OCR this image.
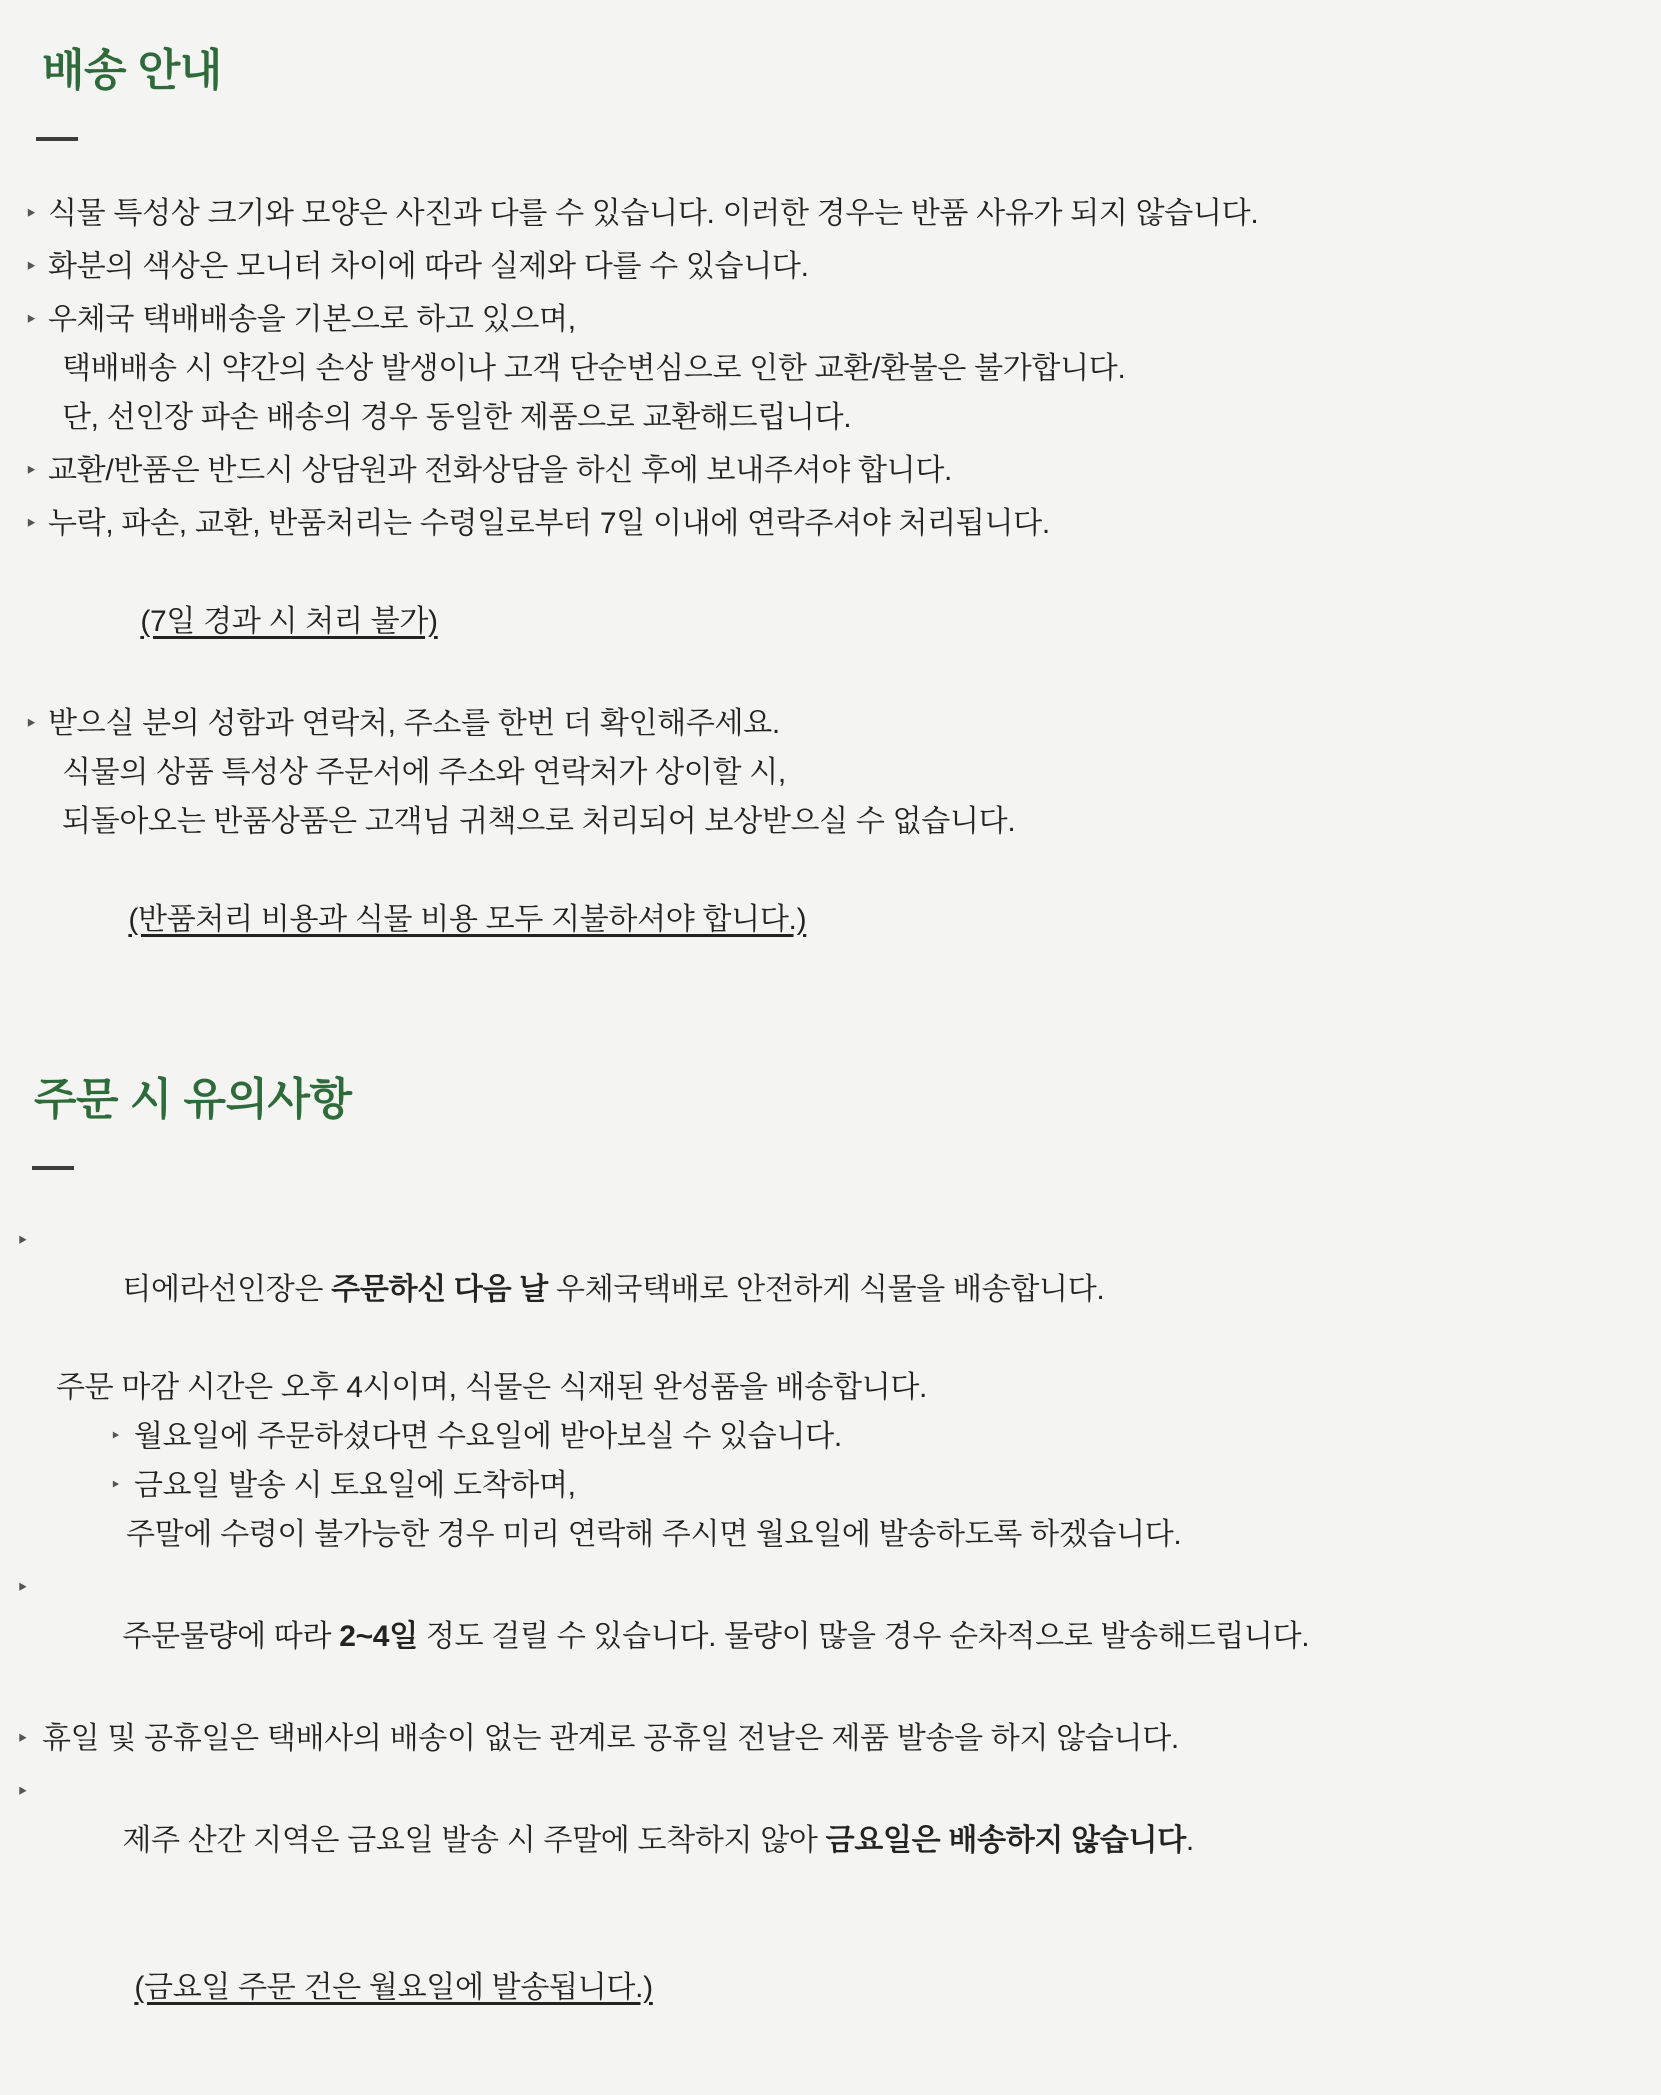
배송 안내
‣ 식물 특성상 크기와 모양은 사진과 다를 수 있습니다. 이러한 경우는 반품 사유가 되지 않습니다.
‣ 화분의 색상은 모니터 차이에 따라 실제와 다를 수 있습니다.
‣ 우체국 택배배송을 기본으로 하고 있으며,
택배배송 시 약간의 손상 발생이나 고객 단순변심으로 인한 교환/환불은 불가합니다.
단, 선인장 파손 배송의 경우 동일한 제품으로 교환해드립니다.
‣ 교환/반품은 반드시 상담원과 전화상담을 하신 후에 보내주셔야 합니다.
‣ 누락, 파손, 교환, 반품처리는 수령일로부터 7일 이내에 연락주셔야 처리됩니다.

(7일 경과 시 처리 불가)

‣ 받으실 분의 성함과 연락처, 주소를 한번 더 확인해주세요.
식물의 상품 특성상 주문서에 주소와 연락처가 상이할 시,
되돌아오는 반품상품은 고객님 귀책으로 처리되어 보상받으실 수 없습니다.

(반품처리 비용과 식물 비용 모두 지불하셔야 합니다.)

주문 시 유의사항
‣

티에라선인장은 주문하신 다음 날 우체국택배로 안전하게 식물을 배송합니다.

주문 마감 시간은 오후 4시이며, 식물은 식재된 완성품을 배송합니다.
‣ 월요일에 주문하셨다면 수요일에 받아보실 수 있습니다.
‣ 금요일 발송 시 토요일에 도착하며,
주말에 수령이 불가능한 경우 미리 연락해 주시면 월요일에 발송하도록 하겠습니다.
‣

주문물량에 따라 2~4일 정도 걸릴 수 있습니다. 물량이 많을 경우 순차적으로 발송해드립니다.

‣ 휴일 및 공휴일은 택배사의 배송이 없는 관계로 공휴일 전날은 제품 발송을 하지 않습니다.
‣

제주 산간 지역은 금요일 발송 시 주말에 도착하지 않아 금요일은 배송하지 않습니다.

(금요일 주문 건은 월요일에 발송됩니다.)
